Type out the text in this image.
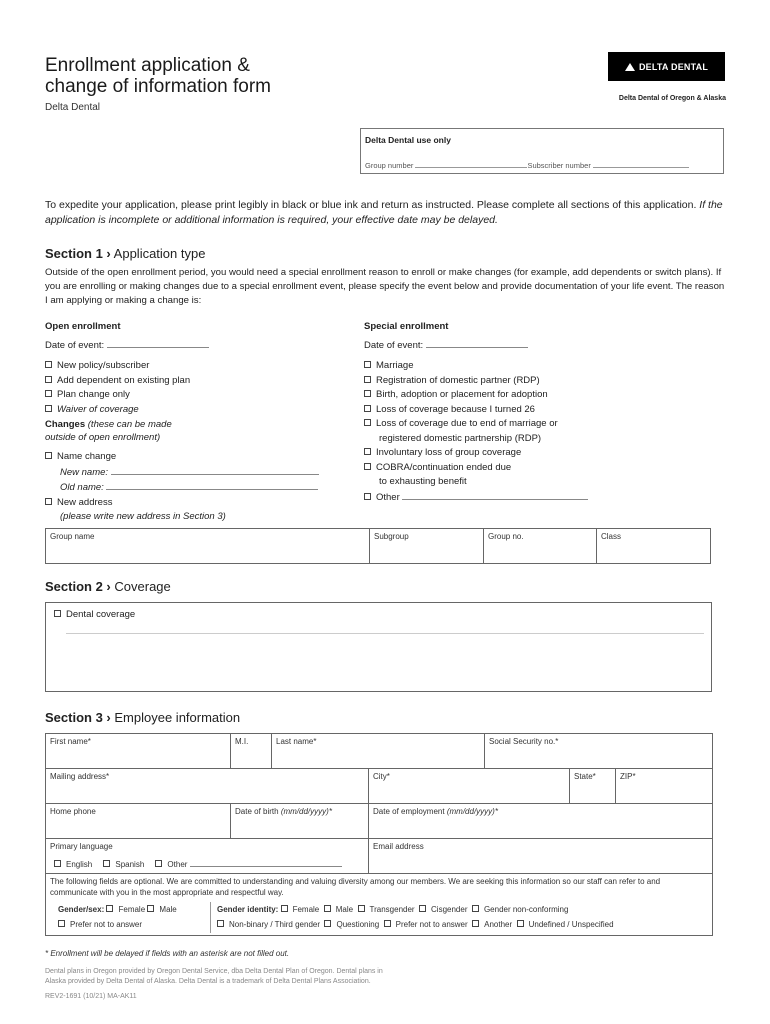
Enrollment application &
change of information form
Delta Dental
DELTA DENTAL
Delta Dental of Oregon & Alaska
Delta Dental use only
Group number	Subscriber number
To expedite your application, please print legibly in black or blue ink and return as instructed. Please complete all sections of this application. If the application is incomplete or additional information is required, your effective date may be delayed.
Section 1 › Application type
Outside of the open enrollment period, you would need a special enrollment reason to enroll or make changes (for example, add dependents or switch plans). If you are enrolling or making changes due to a special enrollment event, please specify the event below and provide documentation of your life event. The reason I am applying or making a change is:
Open enrollment
Date of event:
New policy/subscriber
Add dependent on existing plan
Plan change only
Waiver of coverage
Changes (these can be made
outside of open enrollment)
Name change
New name:
Old name:
New address
(please write new address in Section 3)
Special enrollment
Date of event:
Marriage
Registration of domestic partner (RDP)
Birth, adoption or placement for adoption
Loss of coverage because I turned 26
Loss of coverage due to end of marriage or
registered domestic partnership (RDP)
Involuntary loss of group coverage
COBRA/continuation ended due
to exhausting benefit
Other
Group name	Subgroup	Group no.	Class
Section 2 › Coverage
Dental coverage
Section 3 › Employee information
First name*	M.I.	Last name*	Social Security no.*
Mailing address*	City*	State*	ZIP*
Home phone	Date of birth (mm/dd/yyyy)*	Date of employment (mm/dd/yyyy)*
Primary language
English	Spanish	Other
Email address
The following fields are optional. We are committed to understanding and valuing diversity among our members. We are seeking this information so our staff can refer to and communicate with you in the most appropriate and respectful way.
Gender/sex: Female Male
Prefer not to answer
Gender identity: Female Male Transgender Cisgender Gender non-conforming
Non-binary / Third gender Questioning Prefer not to answer Another Undefined / Unspecified
* Enrollment will be delayed if fields with an asterisk are not filled out.
Dental plans in Oregon provided by Oregon Dental Service, dba Delta Dental Plan of Oregon. Dental plans in
Alaska provided by Delta Dental of Alaska. Delta Dental is a trademark of Delta Dental Plans Association.
REV2-1691 (10/21) MA-AK11
